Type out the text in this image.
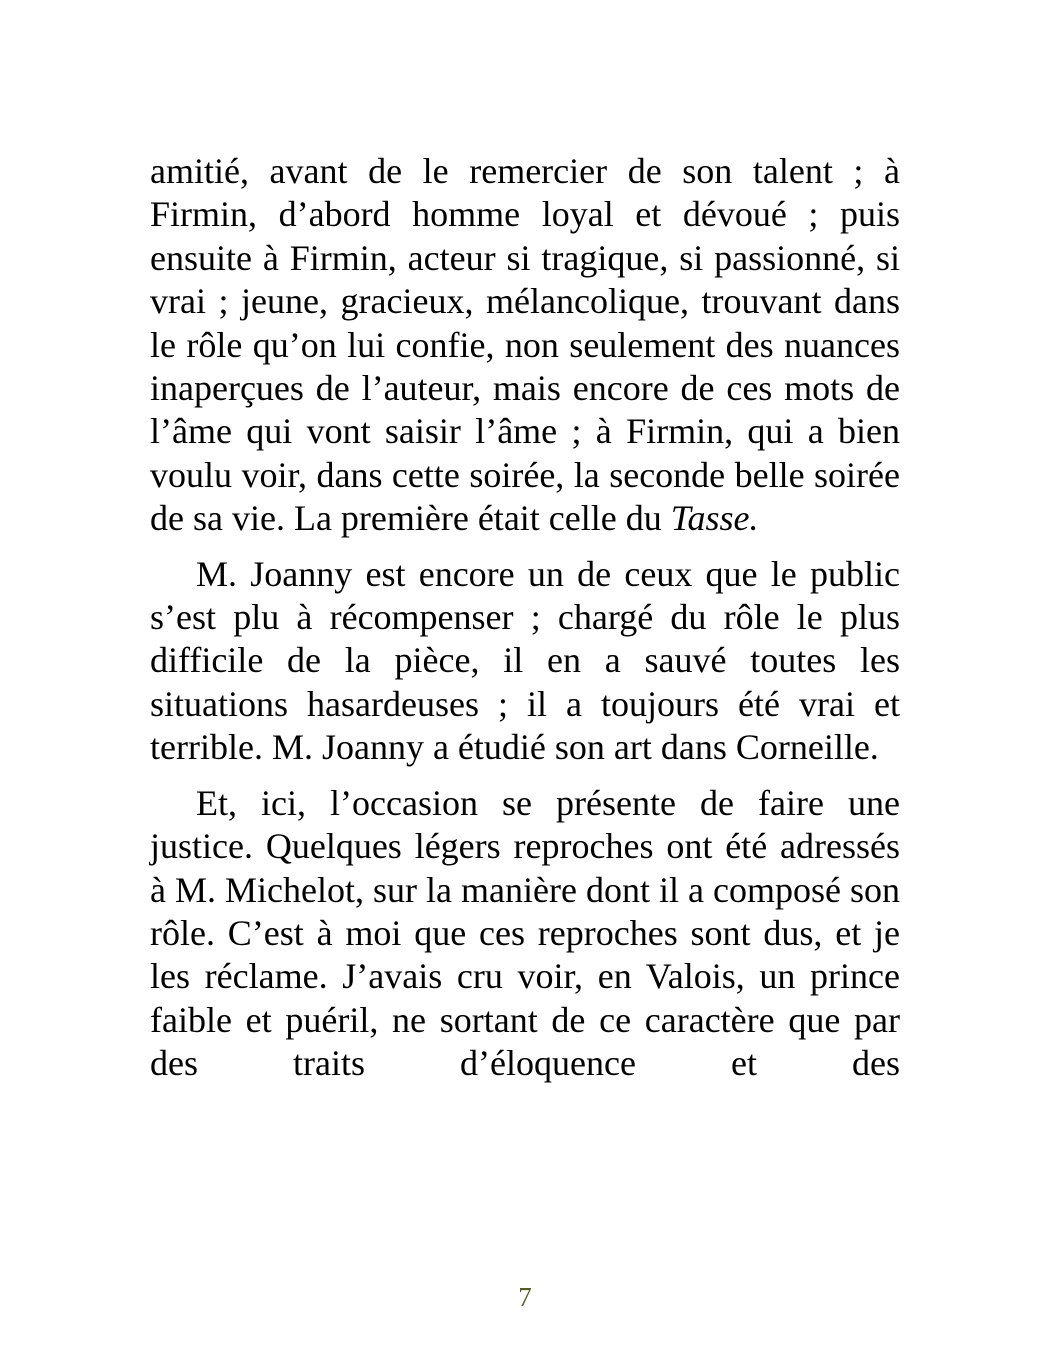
amitié, avant de le remercier de son talent ; à Firmin, d’abord homme loyal et dévoué ; puis ensuite à Firmin, acteur si tragique, si passionné, si vrai ; jeune, gracieux, mélancolique, trouvant dans le rôle qu’on lui confie, non seulement des nuances inaperçues de l’auteur, mais encore de ces mots de l’âme qui vont saisir l’âme ; à Firmin, qui a bien voulu voir, dans cette soirée, la seconde belle soirée de sa vie. La première était celle du Tasse.

M. Joanny est encore un de ceux que le public s’est plu à récompenser ; chargé du rôle le plus difficile de la pièce, il en a sauvé toutes les situations hasardeuses ; il a toujours été vrai et terrible. M. Joanny a étudié son art dans Corneille.

Et, ici, l’occasion se présente de faire une justice. Quelques légers reproches ont été adressés à M. Michelot, sur la manière dont il a composé son rôle. C’est à moi que ces reproches sont dus, et je les réclame. J’avais cru voir, en Valois, un prince faible et puéril, ne sortant de ce caractère que par des traits d’éloquence et des

7
